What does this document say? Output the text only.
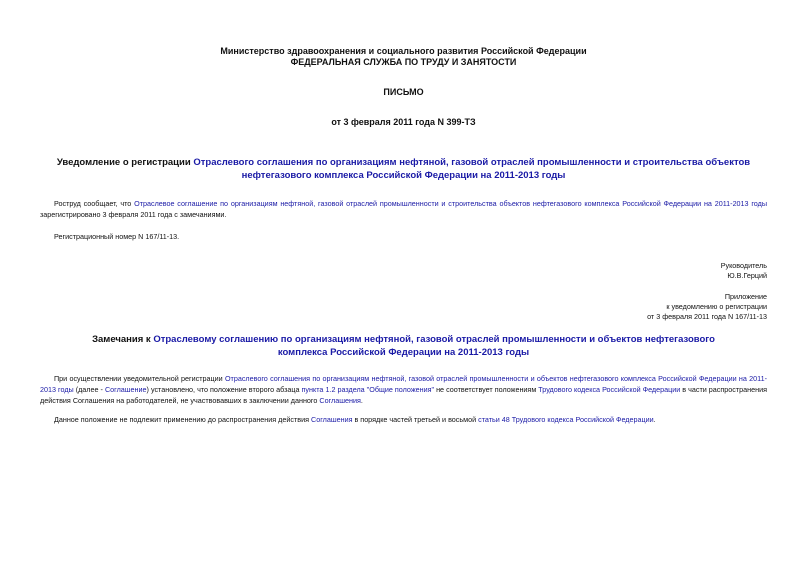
Министерство здравоохранения и социального развития Российской Федерации
ФЕДЕРАЛЬНАЯ СЛУЖБА ПО ТРУДУ И ЗАНЯТОСТИ
ПИСЬМО
от 3 февраля 2011 года N 399-ТЗ
Уведомление о регистрации Отраслевого соглашения по организациям нефтяной, газовой отраслей промышленности и строительства объектов нефтегазового комплекса Российской Федерации на 2011-2013 годы
Роструд сообщает, что Отраслевое соглашение по организациям нефтяной, газовой отраслей промышленности и строительства объектов нефтегазового комплекса Российской Федерации на 2011-2013 годы зарегистрировано 3 февраля 2011 года с замечаниями.
Регистрационный номер N 167/11-13.
Руководитель
Ю.В.Герций
Приложение
к уведомлению о регистрации
от 3 февраля 2011 года N 167/11-13
Замечания к Отраслевому соглашению по организациям нефтяной, газовой отраслей промышленности и объектов нефтегазового комплекса Российской Федерации на 2011-2013 годы
При осуществлении уведомительной регистрации Отраслевого соглашения по организациям нефтяной, газовой отраслей промышленности и объектов нефтегазового комплекса Российской Федерации на 2011-2013 годы (далее - Соглашение) установлено, что положение второго абзаца пункта 1.2 раздела "Общие положения" не соответствует положениям Трудового кодекса Российской Федерации в части распространения действия Соглашения на работодателей, не участвовавших в заключении данного Соглашения.
Данное положение не подлежит применению до распространения действия Соглашения в порядке частей третьей и восьмой статьи 48 Трудового кодекса Российской Федерации.
